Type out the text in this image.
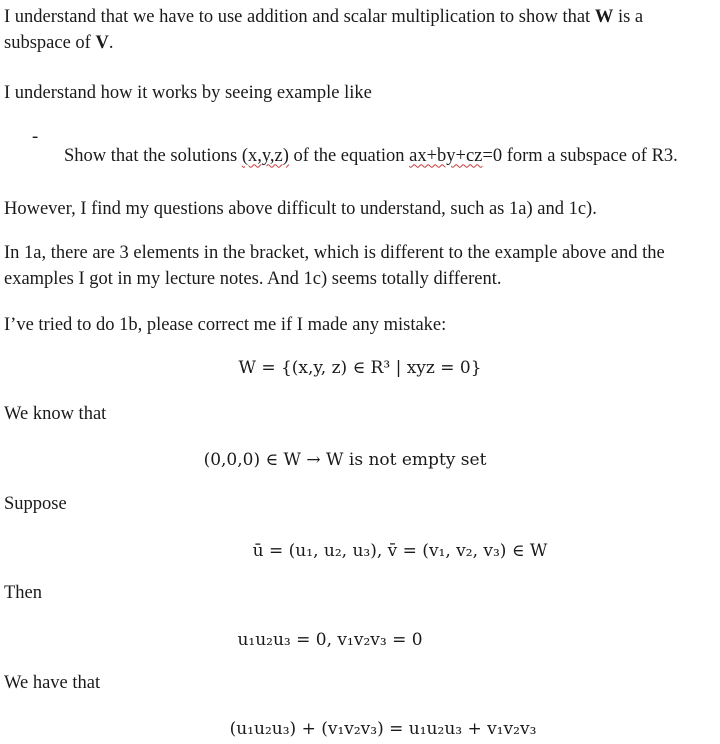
I understand that we have to use addition and scalar multiplication to show that W is a subspace of V.

I understand how it works by seeing example like

-

Show that the solutions (x,y,z) of the equation ax+by+cz=0 form a subspace of R3.

However, I find my questions above difficult to understand, such as 1a) and 1c).

In 1a, there are 3 elements in the bracket, which is different to the example above and the examples I got in my lecture notes. And 1c) seems totally different.

I’ve tried to do 1b, please correct me if I made any mistake:

W = {(x,y, z) ∈ R³ | xyz = 0}

We know that

(0,0,0) ∈ W → W is not empty set

Suppose

ū = (u₁, u₂, u₃), v̄ = (v₁, v₂, v₃) ∈ W

Then

u₁u₂u₃ = 0, v₁v₂v₃ = 0

We have that

(u₁u₂u₃) + (v₁v₂v₃) = u₁u₂u₃ + v₁v₂v₃
